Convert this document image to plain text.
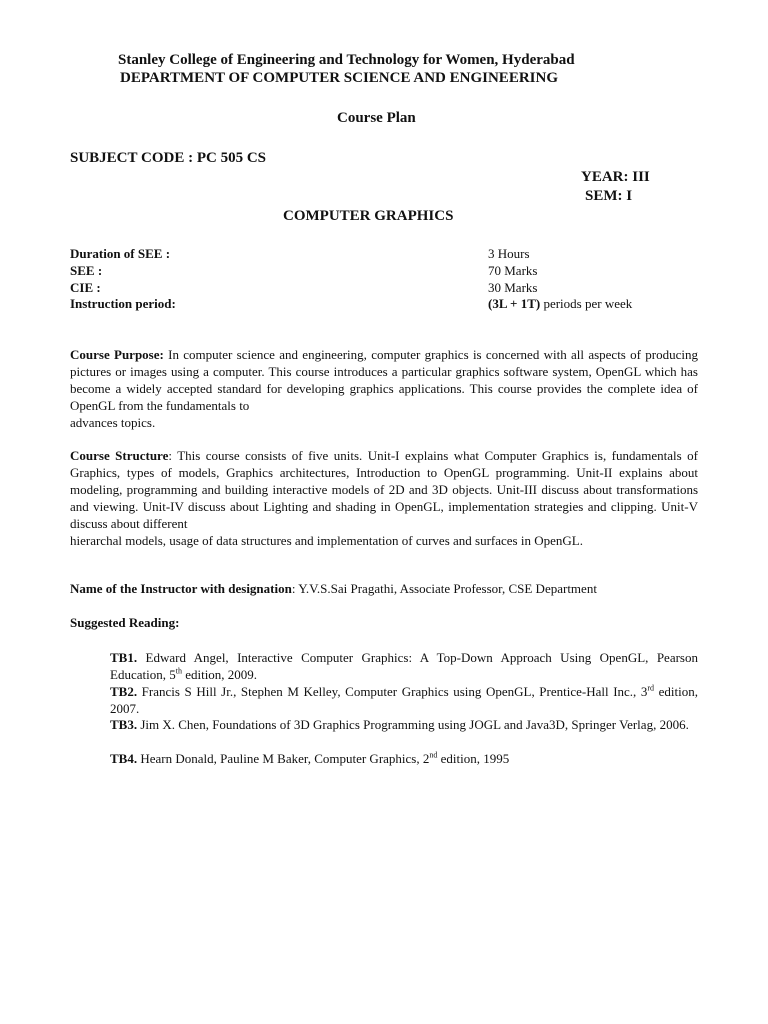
Stanley College of Engineering and Technology for Women, Hyderabad
DEPARTMENT OF COMPUTER SCIENCE AND ENGINEERING
Course Plan
SUBJECT CODE : PC 505 CS
YEAR: III
SEM: I
COMPUTER GRAPHICS
Duration of SEE :	3 Hours
SEE :	70 Marks
CIE :	30 Marks
Instruction period:	(3L + 1T) periods per week
Course Purpose: In computer science and engineering, computer graphics is concerned with all aspects of producing pictures or images using a computer. This course introduces a particular graphics software system, OpenGL which has become a widely accepted standard for developing graphics applications. This course provides the complete idea of OpenGL from the fundamentals to
advances topics.
Course Structure: This course consists of five units. Unit-I explains what Computer Graphics is, fundamentals of Graphics, types of models, Graphics architectures, Introduction to OpenGL programming. Unit-II explains about modeling, programming and building interactive models of 2D and 3D objects. Unit-III discuss about transformations and viewing. Unit-IV discuss about Lighting and shading in OpenGL, implementation strategies and clipping. Unit-V discuss about different
hierarchal models, usage of data structures and implementation of curves and surfaces in OpenGL.
Name of the Instructor with designation: Y.V.S.Sai Pragathi, Associate Professor, CSE Department
Suggested Reading:
TB1. Edward Angel, Interactive Computer Graphics: A Top-Down Approach Using OpenGL, Pearson Education, 5th edition, 2009.
TB2. Francis S Hill Jr., Stephen M Kelley, Computer Graphics using OpenGL, Prentice-Hall Inc., 3rd edition, 2007.
TB3. Jim X. Chen, Foundations of 3D Graphics Programming using JOGL and Java3D, Springer Verlag, 2006.
TB4. Hearn Donald, Pauline M Baker, Computer Graphics, 2nd edition, 1995
